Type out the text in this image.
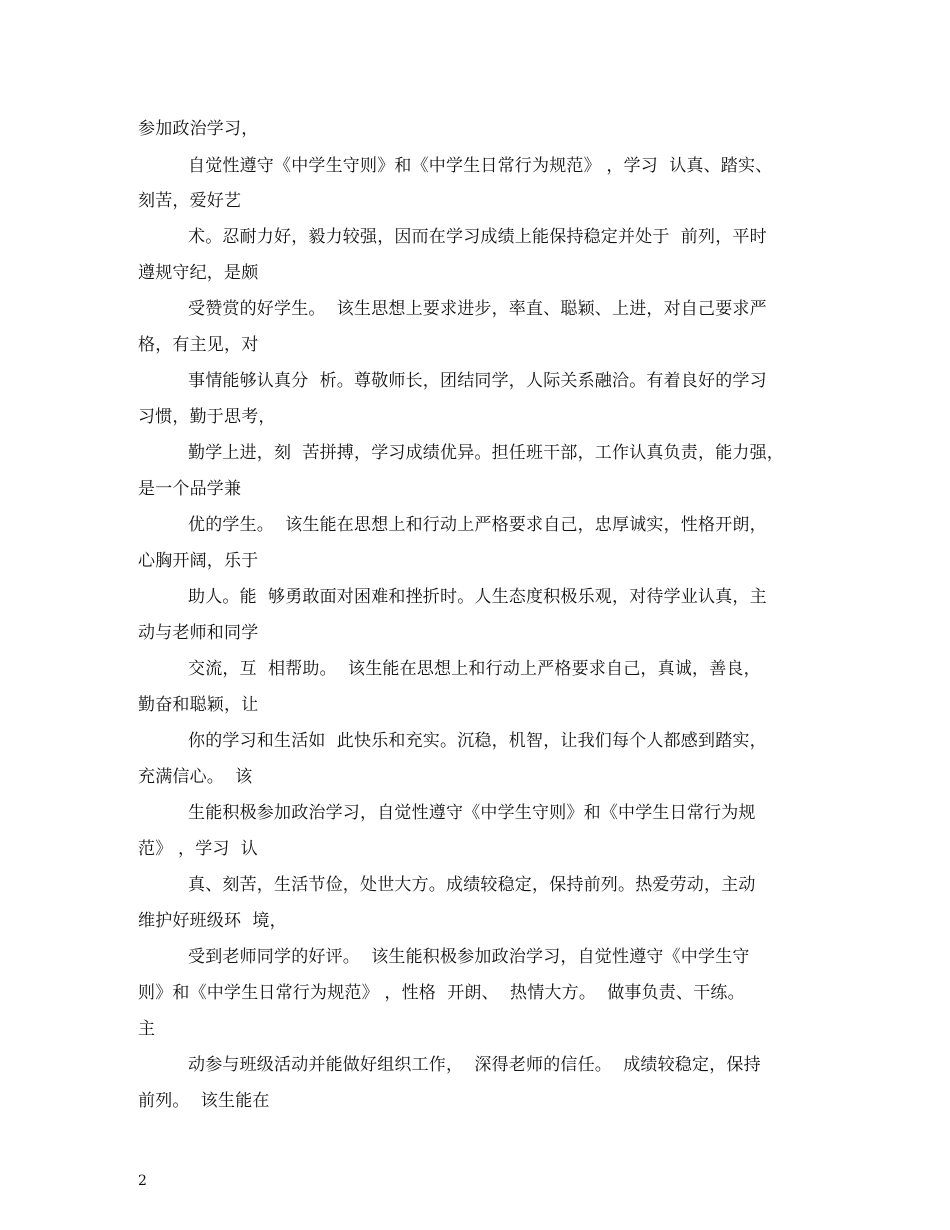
参加政治学习，
自觉性遵守《中学生守则》和《中学生日常行为规范》 ，学习  认真、踏实、
刻苦，爱好艺
术。忍耐力好，毅力较强，因而在学习成绩上能保持稳定并处于  前列，平时
遵规守纪，是颇
受赞赏的好学生。  该生思想上要求进步，率直、聪颖、上进，对自己要求严
格，有主见，对
事情能够认真分  析。尊敬师长，团结同学，人际关系融洽。有着良好的学习
习惯，勤于思考，
勤学上进，刻  苦拼搏，学习成绩优异。担任班干部，工作认真负责，能力强，
是一个品学兼
优的学生。  该生能在思想上和行动上严格要求自己，忠厚诚实，性格开朗，
心胸开阔，乐于
助人。能  够勇敢面对困难和挫折时。人生态度积极乐观，对待学业认真，主
动与老师和同学
交流，互  相帮助。  该生能在思想上和行动上严格要求自己，真诚，善良，
勤奋和聪颖，让
你的学习和生活如  此快乐和充实。沉稳，机智，让我们每个人都感到踏实，
充满信心。  该
生能积极参加政治学习，自觉性遵守《中学生守则》和《中学生日常行为规
范》 ，学习  认
真、刻苦，生活节俭，处世大方。成绩较稳定，保持前列。热爱劳动，主动
维护好班级环  境，
受到老师同学的好评。  该生能积极参加政治学习，自觉性遵守《中学生守
则》和《中学生日常行为规范》 ，性格  开朗、  热情大方。  做事负责、干练。
主
动参与班级活动并能做好组织工作，  深得老师的信任。  成绩较稳定，保持
前列。  该生能在
2
